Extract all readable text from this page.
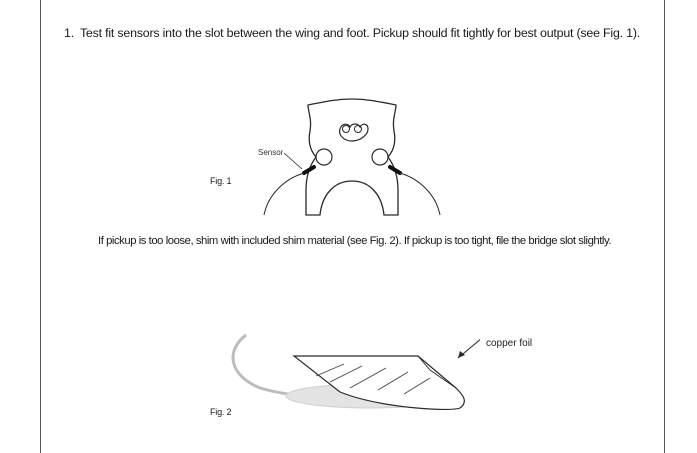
1. Test fit sensors into the slot between the wing and foot. Pickup should fit tightly for best output (see Fig. 1).
Sensor
Fig. 1
If pickup is too loose, shim with included shim material (see Fig. 2). If pickup is too tight, file the bridge slot slightly.
copper foil
Fig. 2
